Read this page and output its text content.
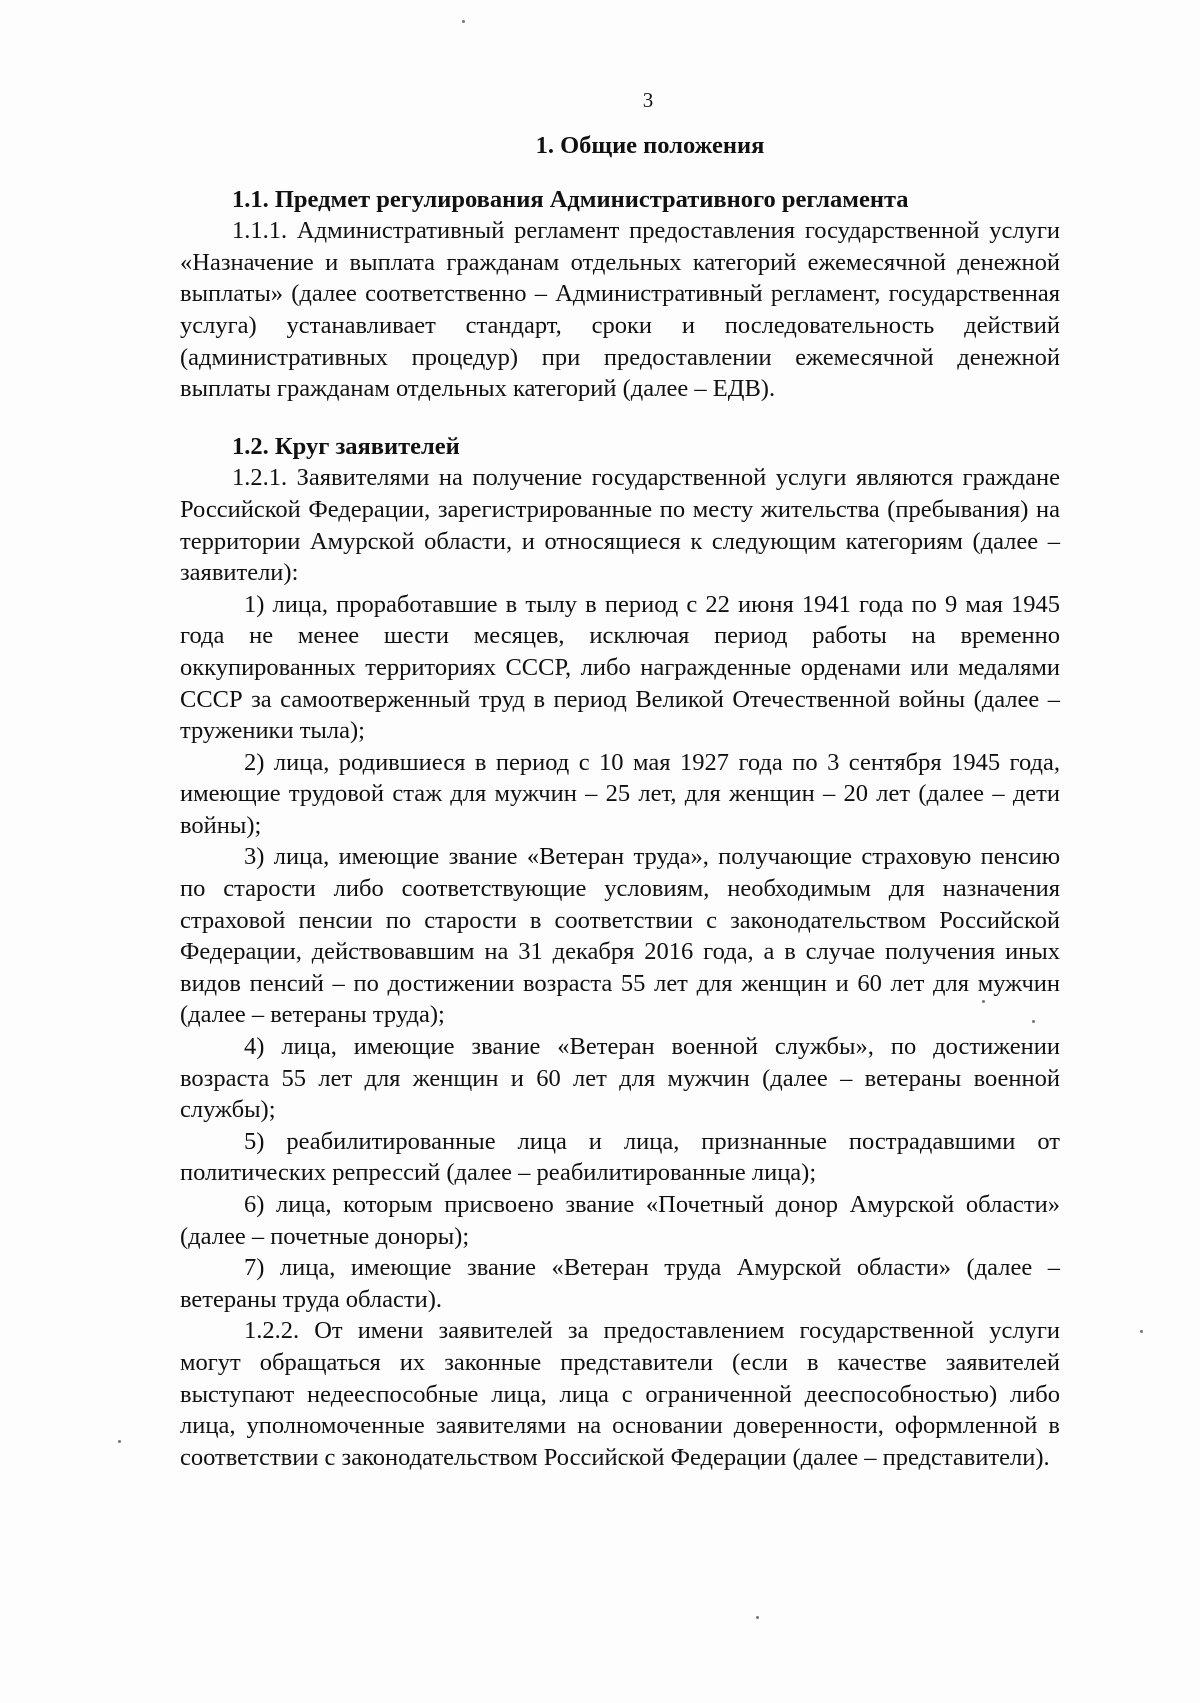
3
1. Общие положения
1.1. Предмет регулирования Административного регламента

1.1.1. Административный регламент предоставления государственной услуги «Назначение и выплата гражданам отдельных категорий ежемесячной денежной выплаты» (далее соответственно – Административный регламент, государственная услуга) устанавливает стандарт, сроки и последовательность действий (административных процедур) при предоставлении ежемесячной денежной выплаты гражданам отдельных категорий (далее – ЕДВ).

1.2. Круг заявителей

1.2.1. Заявителями на получение государственной услуги являются граждане Российской Федерации, зарегистрированные по месту жительства (пребывания) на территории Амурской области, и относящиеся к следующим категориям (далее – заявители):

1) лица, проработавшие в тылу в период с 22 июня 1941 года по 9 мая 1945 года не менее шести месяцев, исключая период работы на временно оккупированных территориях СССР, либо награжденные орденами или медалями СССР за самоотверженный труд в период Великой Отечественной войны (далее – труженики тыла);

2) лица, родившиеся в период с 10 мая 1927 года по 3 сентября 1945 года, имеющие трудовой стаж для мужчин – 25 лет, для женщин – 20 лет (далее – дети войны);

3) лица, имеющие звание «Ветеран труда», получающие страховую пенсию по старости либо соответствующие условиям, необходимым для назначения страховой пенсии по старости в соответствии с законодательством Российской Федерации, действовавшим на 31 декабря 2016 года, а в случае получения иных видов пенсий – по достижении возраста 55 лет для женщин и 60 лет для мужчин (далее – ветераны труда);

4) лица, имеющие звание «Ветеран военной службы», по достижении возраста 55 лет для женщин и 60 лет для мужчин (далее – ветераны военной службы);

5) реабилитированные лица и лица, признанные пострадавшими от политических репрессий (далее – реабилитированные лица);

6) лица, которым присвоено звание «Почетный донор Амурской области» (далее – почетные доноры);

7) лица, имеющие звание «Ветеран труда Амурской области» (далее – ветераны труда области).

1.2.2. От имени заявителей за предоставлением государственной услуги могут обращаться их законные представители (если в качестве заявителей выступают недееспособные лица, лица с ограниченной дееспособностью) либо лица, уполномоченные заявителями на основании доверенности, оформленной в соответствии с законодательством Российской Федерации (далее – представители).
